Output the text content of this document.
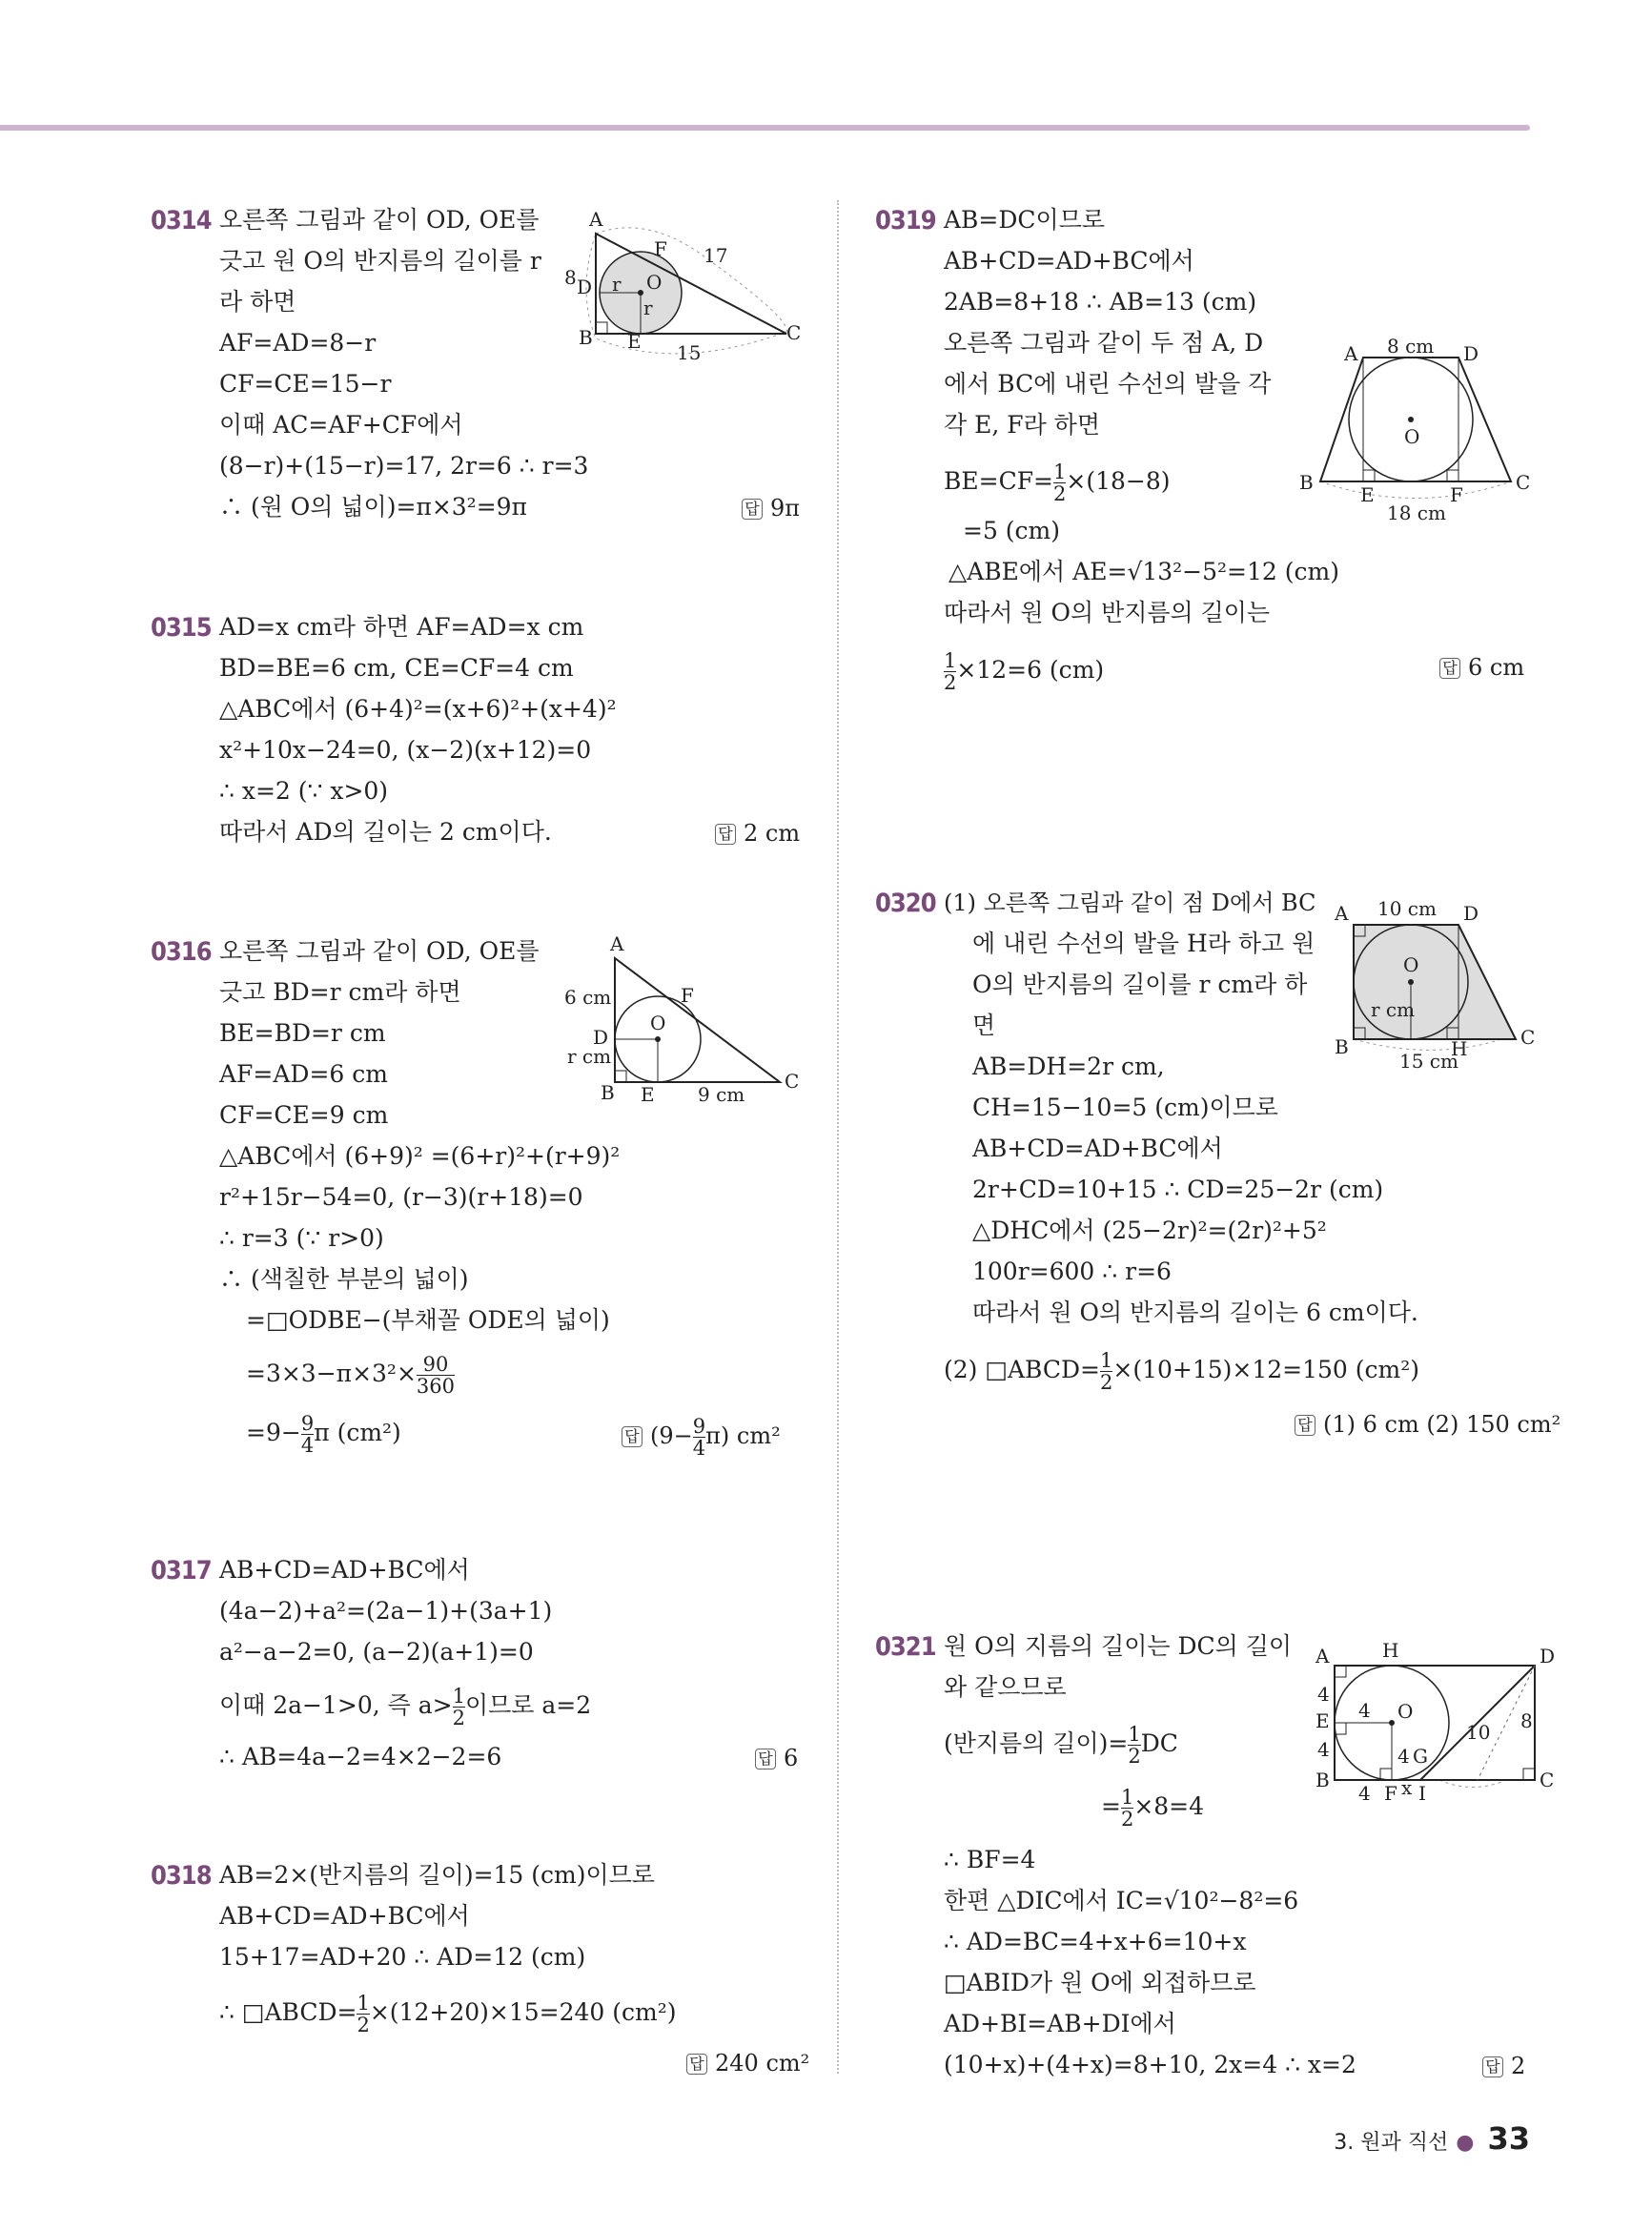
0314 오른쪽 그림과 같이 OD, OE를
긋고 원 O의 반지름의 길이를 r
라 하면
AF=AD=8−r
CF=CE=15−r
이때 AC=AF+CF에서
(8−r)+(15−r)=17, 2r=6 ∴ r=3
∴ (원 O의 넓이)=π×3²=9π	답 9π
A
B	C
D
E
F
O
r
r
8
15
17
0315 AD=x cm라 하면 AF=AD=x cm
BD=BE=6 cm, CE=CF=4 cm
△ABC에서 (6+4)²=(x+6)²+(x+4)²
x²+10x−24=0, (x−2)(x+12)=0
∴ x=2 (∵ x>0)
따라서 AD의 길이는 2 cm이다.	답 2 cm
0316 오른쪽 그림과 같이 OD, OE를
긋고 BD=r cm라 하면
BE=BD=r cm
AF=AD=6 cm
CF=CE=9 cm
△ABC에서 (6+9)² =(6+r)²+(r+9)²
r²+15r−54=0, (r−3)(r+18)=0
∴ r=3 (∵ r>0)
∴ (색칠한 부분의 넓이)
=□ODBE−(부채꼴 ODE의 넓이)
$=3\times 3-\pi\times 3^2\times \frac{90}{360}$
$=9- \frac{9}{4}$ π (cm²)	답 $(9- \frac{9}{4} \pi)$ cm²
A
B	C
D
E
F
O
6 cm
r cm
9 cm
0317 AB+CD=AD+BC에서
(4a−2)+a²=(2a−1)+(3a+1)
a²−a−2=0, (a−2)(a+1)=0
이때 2a−1>0, 즉 $a> \frac{1}{2}$ 이므로 a=2
∴ AB=4a−2=4×2−2=6	답 6
0318 AB=2×(반지름의 길이)=15 (cm)이므로
AB+CD=AD+BC에서
15+17=AD+20 ∴ AD=12 (cm)
∴ □ABCD= $\frac{1}{2} \times(12+20)\times 15=240$ (cm²)
답 240 cm²
0319 AB=DC이므로
AB+CD=AD+BC에서
2AB=8+18 ∴ AB=13 (cm)
오른쪽 그림과 같이 두 점 A, D
에서 BC에 내린 수선의 발을 각
각 E, F라 하면
$BE=CF= \frac{1}{2} \times(18-8)$
=5 (cm)
△ABE에서 AE=√13²−5²=12 (cm)
따라서 원 O의 반지름의 길이는
$\frac{1}{2} \times 12=6$ (cm)	답 6 cm
A
B	C
D
E	F
O
8 cm
18 cm
0320 (1) 오른쪽 그림과 같이 점 D에서 BC
에 내린 수선의 발을 H라 하고 원
O의 반지름의 길이를 r cm라 하
면
AB=DH=2r cm,
CH=15−10=5 (cm)이므로
AB+CD=AD+BC에서
2r+CD=10+15 ∴ CD=25−2r (cm)
△DHC에서 (25−2r)²=(2r)²+5²
100r=600 ∴ r=6
따라서 원 O의 반지름의 길이는 6 cm이다.
(2) □ABCD= $\frac{1}{2} \times(10+15)\times 12=150$ (cm²)
답 (1) 6 cm (2) 150 cm²
A
B	C
D
H
O
10 cm
15 cm
r cm
0321 원 O의 지름의 길이는 DC의 길이
와 같으므로
(반지름의 길이)= $\frac{1}{2}$ DC
= $\frac{1}{2} \times 8=4$
∴ BF=4
한편 △DIC에서 IC=√10²−8²=6
∴ AD=BC=4+x+6=10+x
□ABID가 원 O에 외접하므로
AD+BI=AB+DI에서
(10+x)+(4+x)=8+10, 2x=4 ∴ x=2	답 2
A
B	C
D
E
F
G
H
I
O
x
4
4
4
4
4
8
10
3. 원과 직선 ● 33
